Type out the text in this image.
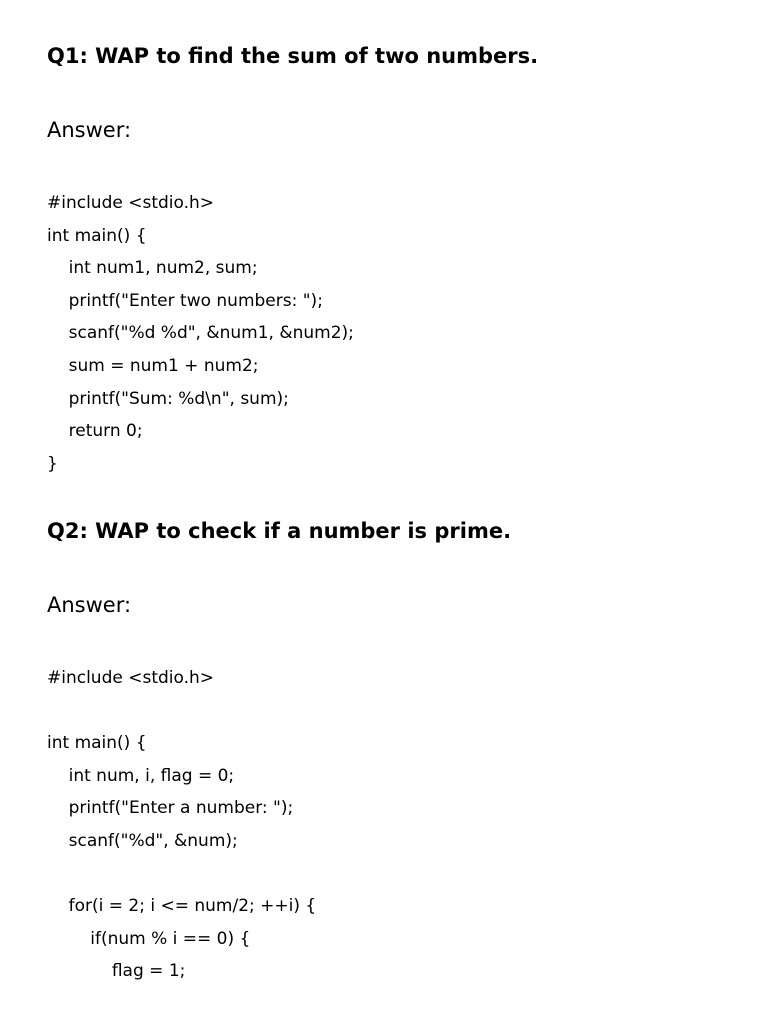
Q1: WAP to find the sum of two numbers.
Answer:
#include <stdio.h>
int main() {
int num1, num2, sum;
printf("Enter two numbers: ");
scanf("%d %d", &num1, &num2);
sum = num1 + num2;
printf("Sum: %d\n", sum);
return 0;
}
Q2: WAP to check if a number is prime.
Answer:
#include <stdio.h>
int main() {
int num, i, flag = 0;
printf("Enter a number: ");
scanf("%d", &num);
for(i = 2; i <= num/2; ++i) {
if(num % i == 0) {
flag = 1;
